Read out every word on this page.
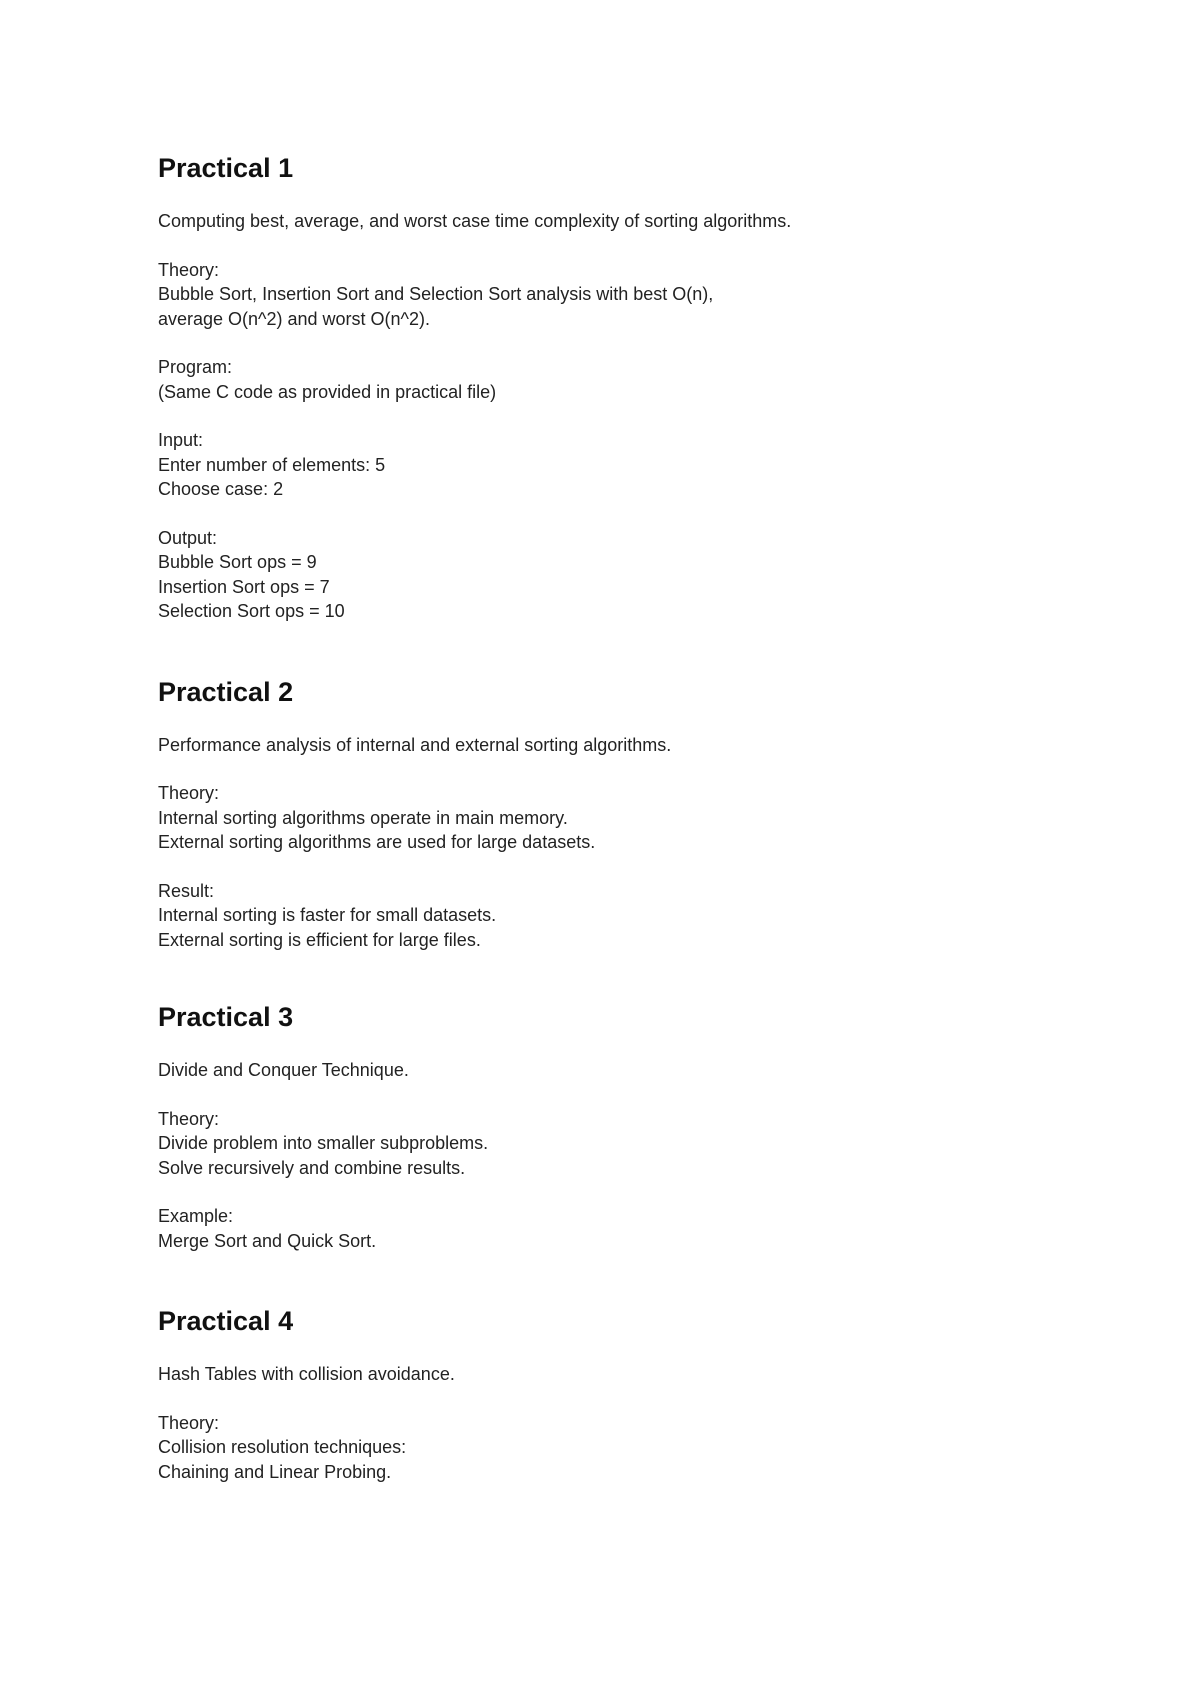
Practical 1

Computing best, average, and worst case time complexity of sorting algorithms.

Theory:
Bubble Sort, Insertion Sort and Selection Sort analysis with best O(n),
average O(n^2) and worst O(n^2).

Program:
(Same C code as provided in practical file)

Input:
Enter number of elements: 5
Choose case: 2

Output:
Bubble Sort ops = 9
Insertion Sort ops = 7
Selection Sort ops = 10

Practical 2

Performance analysis of internal and external sorting algorithms.

Theory:
Internal sorting algorithms operate in main memory.
External sorting algorithms are used for large datasets.

Result:
Internal sorting is faster for small datasets.
External sorting is efficient for large files.

Practical 3

Divide and Conquer Technique.

Theory:
Divide problem into smaller subproblems.
Solve recursively and combine results.

Example:
Merge Sort and Quick Sort.

Practical 4

Hash Tables with collision avoidance.

Theory:
Collision resolution techniques:
Chaining and Linear Probing.
